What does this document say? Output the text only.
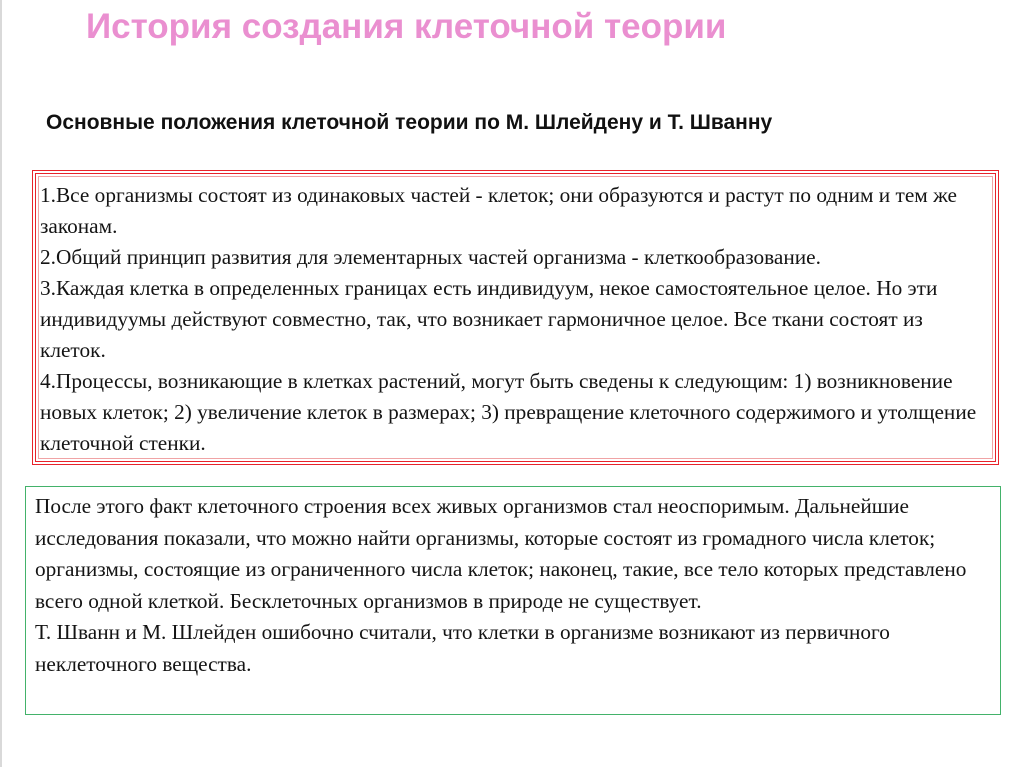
История создания клеточной теории
Основные положения клеточной теории по М. Шлейдену и Т. Шванну
1.Все организмы состоят из одинаковых частей - клеток; они образуются и растут по одним и тем же законам.
2.Общий принцип развития для элементарных частей организма - клеткообразование.
3.Каждая клетка в определенных границах есть индивидуум, некое самостоятельное целое. Но эти индивидуумы действуют совместно, так, что возникает гармоничное целое. Все ткани состоят из клеток.
4.Процессы, возникающие в клетках растений, могут быть сведены к следующим: 1) возникновение новых клеток; 2) увеличение клеток в размерах; 3) превращение клеточного содержимого и утолщение клеточной стенки.
После этого факт клеточного строения всех живых организмов стал неоспоримым. Дальнейшие исследования показали, что можно найти организмы, которые состоят из громадного числа клеток; организмы, состоящие из ограниченного числа клеток; наконец, такие, все тело которых представлено всего одной клеткой. Бесклеточных организмов в природе не существует.
Т. Шванн и М. Шлейден ошибочно считали, что клетки в организме возникают из первичного неклеточного вещества.
